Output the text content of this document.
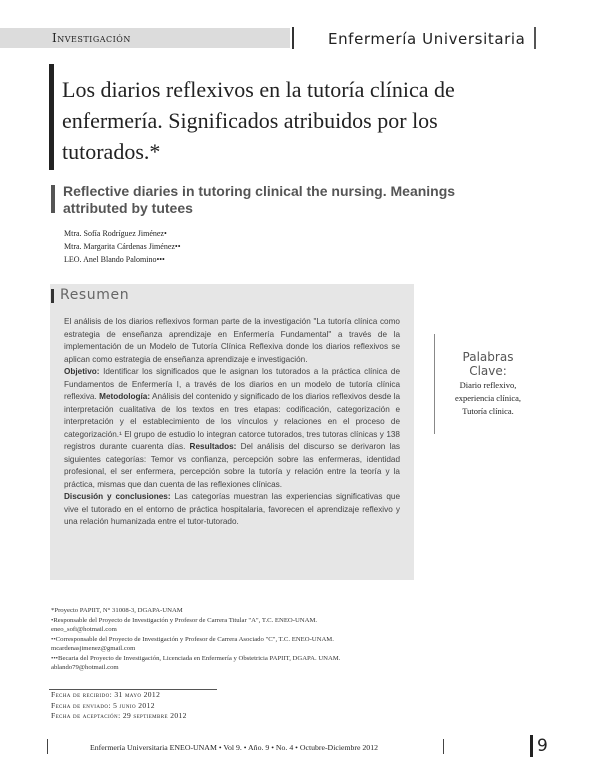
Investigación	Enfermería Universitaria
Los diarios reflexivos en la tutoría clínica de enfermería. Significados atribuidos por los tutorados.*
Reflective diaries in tutoring clinical the nursing. Meanings attributed by tutees
Mtra. Sofía Rodríguez Jiménez•
Mtra. Margarita Cárdenas Jiménez••
LEO. Anel Blando Palomino•••
Resumen

El análisis de los diarios reflexivos forman parte de la investigación "La tutoría clínica como estrategia de enseñanza aprendizaje en Enfermería Fundamental" a través de la implementación de un Modelo de Tutoría Clínica Reflexiva donde los diarios reflexivos se aplican como estrategia de enseñanza aprendizaje e investigación.

Objetivo: Identificar los significados que le asignan los tutorados a la práctica clínica de Fundamentos de Enfermería I, a través de los diarios en un modelo de tutoría clínica reflexiva. Metodología: Análisis del contenido y significado de los diarios reflexivos desde la interpretación cualitativa de los textos en tres etapas: codificación, categorización e interpretación y el establecimiento de los vínculos y relaciones en el proceso de categorización.¹ El grupo de estudio lo integran catorce tutorados, tres tutoras clínicas y 138 registros durante cuarenta días. Resultados: Del análisis del discurso se derivaron las siguientes categorías: Temor vs confianza, percepción sobre las enfermeras, identidad profesional, el ser enfermera, percepción sobre la tutoría y relación entre la teoría y la práctica, mismas que dan cuenta de las reflexiones clínicas.

Discusión y conclusiones: Las categorías muestran las experiencias significativas que vive el tutorado en el entorno de práctica hospitalaria, favorecen el aprendizaje reflexivo y una relación humanizada entre el tutor-tutorado.

Palabras
Clave:
Diario reflexivo,
experiencia clínica,
Tutoría clínica.
*Proyecto PAPIIT, N° 31008-3, DGAPA-UNAM
•Responsable del Proyecto de Investigación y Profesor de Carrera Titular "A", T.C. ENEO-UNAM.
eneo_sofi@hotmail.com
••Corresponsable del Proyecto de Investigación y Profesor de Carrera Asociado "C", T.C. ENEO-UNAM.
mcardenasjimenez@gmail.com
•••Becaria del Proyecto de Investigación, Licenciada en Enfermería y Obstetricia PAPIIT, DGAPA. UNAM.
ablando79@hotmail.com
Fecha de recibido: 31 mayo 2012
Fecha de enviado: 5 junio 2012
Fecha de aceptación: 29 septiembre 2012
Enfermería Universitaria ENEO-UNAM • Vol 9. • Año. 9 • No. 4 • Octubre-Diciembre 2012	9
